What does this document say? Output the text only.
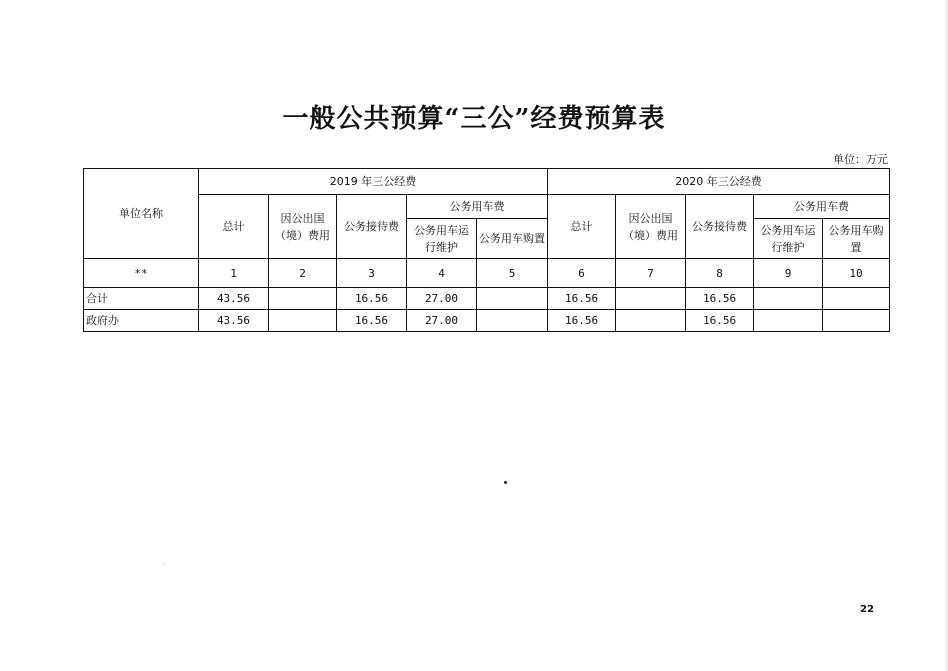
一般公共预算“三公”经费预算表
单位：万元
单位名称	2019 年三公经费					2020 年三公经费				
	总计	因公出国（境）费用	公务接待费	公务用车费		总计	因公出国（境）费用	公务接待费	公务用车费	
				公务用车运行维护	公务用车购置				公务用车运行维护	公务用车购置
**	1	2	3	4	5	6	7	8	9	10
合计	43.56		16.56	27.00		16.56		16.56		
政府办	43.56		16.56	27.00		16.56		16.56		
22
